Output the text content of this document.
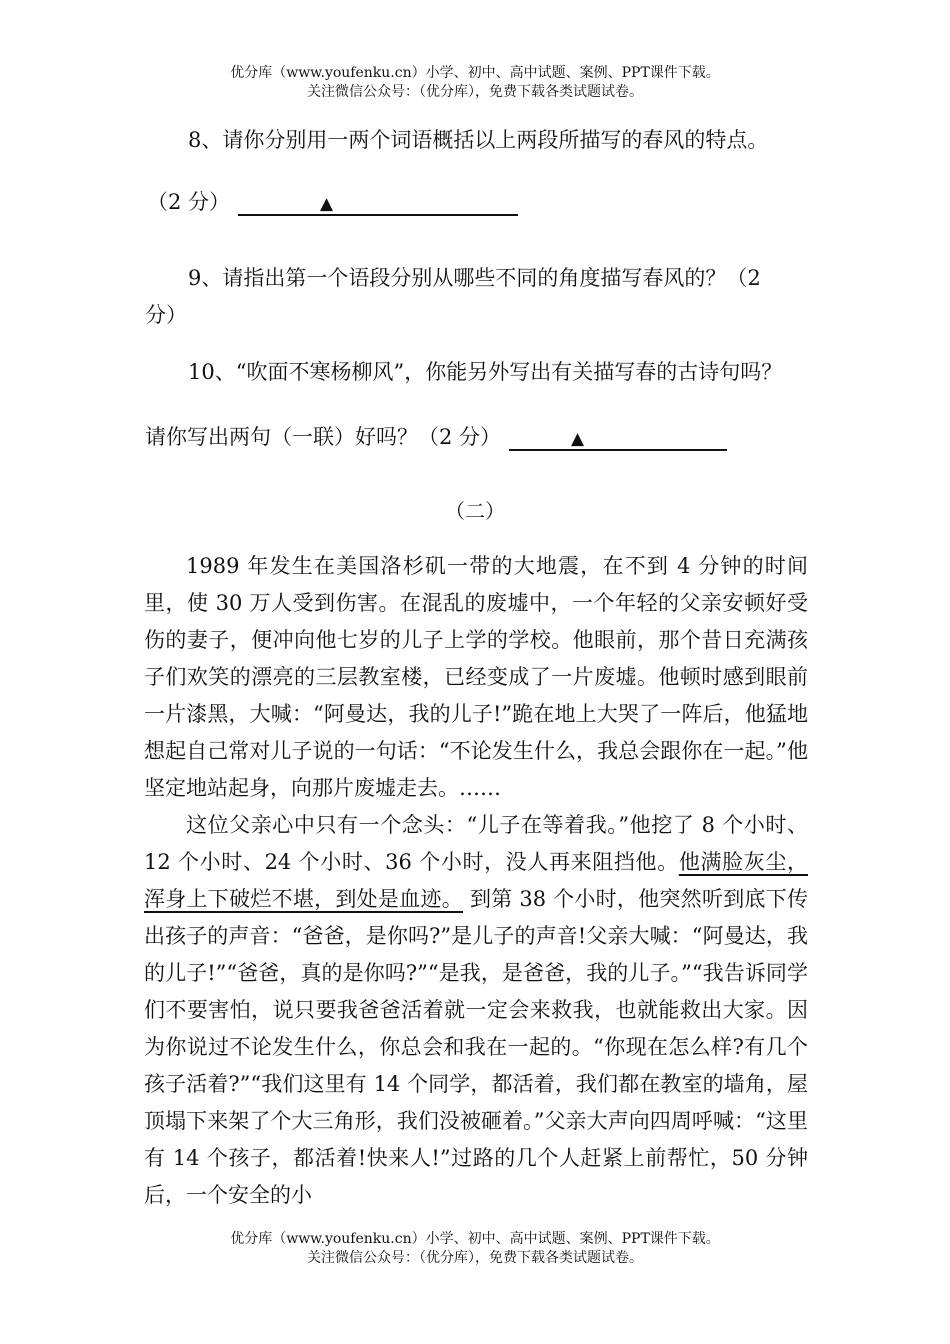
优分库（www.youfenku.cn）小学、初中、高中试题、案例、PPT课件下载。
关注微信公众号：（优分库），免费下载各类试题试卷。
8、请你分别用一两个词语概括以上两段所描写的春风的特点。
（2 分）	▲
9、请指出第一个语段分别从哪些不同的角度描写春风的？（2
分）
10、“吹面不寒杨柳风”，你能另外写出有关描写春的古诗句吗？
请你写出两句（一联）好吗？（2 分）	▲
（二）

1989 年发生在美国洛杉矶一带的大地震，在不到 4 分钟的时间里，使 30 万人受到伤害。在混乱的废墟中，一个年轻的父亲安顿好受伤的妻子，便冲向他七岁的儿子上学的学校。他眼前，那个昔日充满孩子们欢笑的漂亮的三层教室楼，已经变成了一片废墟。他顿时感到眼前一片漆黑，大喊：“阿曼达，我的儿子!”跪在地上大哭了一阵后，他猛地想起自己常对儿子说的一句话：“不论发生什么，我总会跟你在一起。”他坚定地站起身，向那片废墟走去。……

这位父亲心中只有一个念头：“儿子在等着我。”他挖了 8 个小时、12 个小时、24 个小时、36 个小时，没人再来阻挡他。他满脸灰尘，浑身上下破烂不堪，到处是血迹。 到第 38 个小时，他突然听到底下传出孩子的声音：“爸爸，是你吗?”是儿子的声音!父亲大喊：“阿曼达，我的儿子!”“爸爸，真的是你吗?”“是我，是爸爸，我的儿子。”“我告诉同学们不要害怕，说只要我爸爸活着就一定会来救我，也就能救出大家。因为你说过不论发生什么，你总会和我在一起的。“你现在怎么样?有几个孩子活着?”“我们这里有 14 个同学，都活着，我们都在教室的墙角，屋顶塌下来架了个大三角形，我们没被砸着。”父亲大声向四周呼喊：“这里有 14 个孩子，都活着!快来人!”过路的几个人赶紧上前帮忙，50 分钟后，一个安全的小

优分库（www.youfenku.cn）小学、初中、高中试题、案例、PPT课件下载。
关注微信公众号：（优分库），免费下载各类试题试卷。
